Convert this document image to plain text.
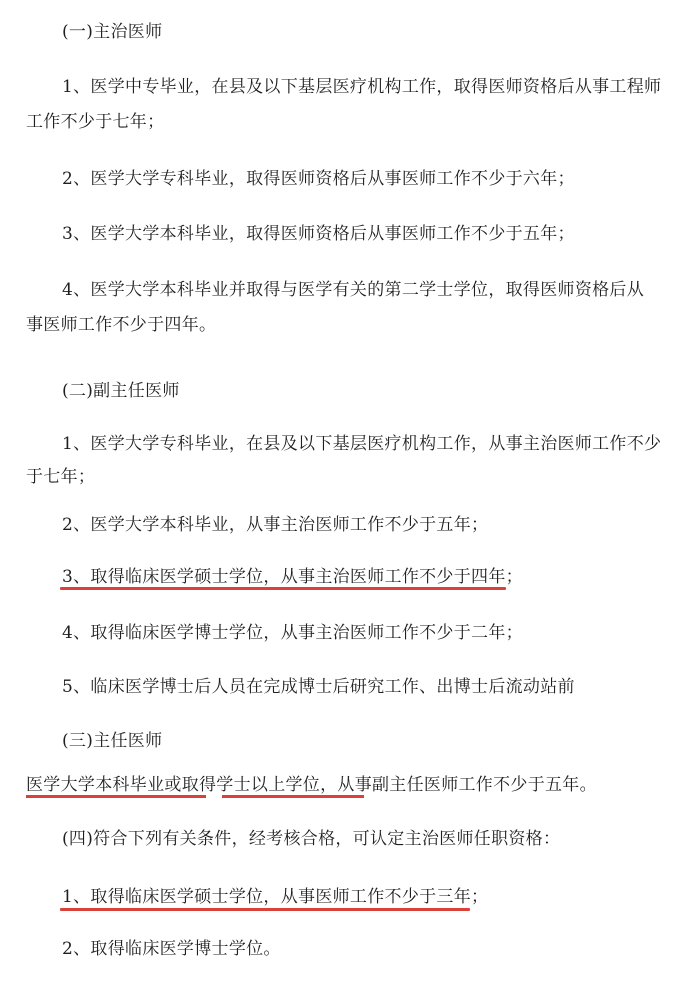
(一)主治医师
1、医学中专毕业，在县及以下基层医疗机构工作，取得医师资格后从事工程师
工作不少于七年；
2、医学大学专科毕业，取得医师资格后从事医师工作不少于六年；
3、医学大学本科毕业，取得医师资格后从事医师工作不少于五年；
4、医学大学本科毕业并取得与医学有关的第二学士学位，取得医师资格后从
事医师工作不少于四年。
(二)副主任医师
1、医学大学专科毕业，在县及以下基层医疗机构工作，从事主治医师工作不少
于七年；
2、医学大学本科毕业，从事主治医师工作不少于五年；
3、取得临床医学硕士学位，从事主治医师工作不少于四年；
4、取得临床医学博士学位，从事主治医师工作不少于二年；
5、临床医学博士后人员在完成博士后研究工作、出博士后流动站前
(三)主任医师
医学大学本科毕业或取得学士以上学位，从事副主任医师工作不少于五年。
(四)符合下列有关条件，经考核合格，可认定主治医师任职资格：
1、取得临床医学硕士学位，从事医师工作不少于三年；
2、取得临床医学博士学位。
